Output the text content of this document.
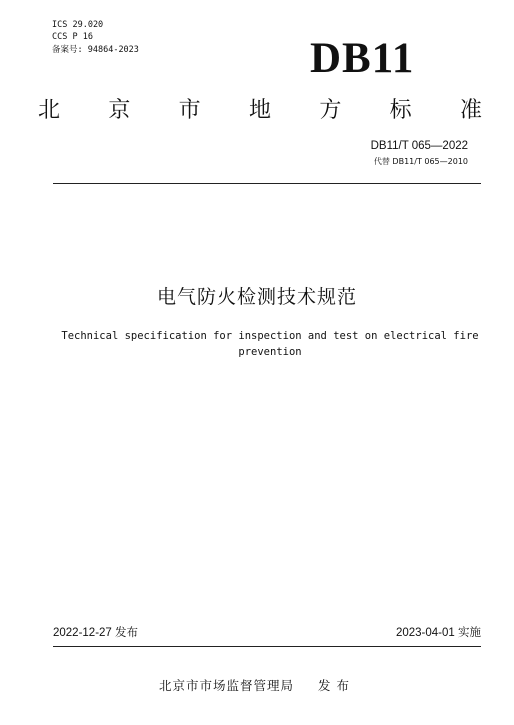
ICS 29.020
CCS P 16
备案号: 94864-2023	DB11
北 京 市 地 方 标 准
DB11/T 065—2022
代替 DB11/T 065—2010
电气防火检测技术规范
Technical specification for inspection and test on electrical fire prevention
2022-12-27 发布	2023-04-01 实施
北京市市场监督管理局 发布
